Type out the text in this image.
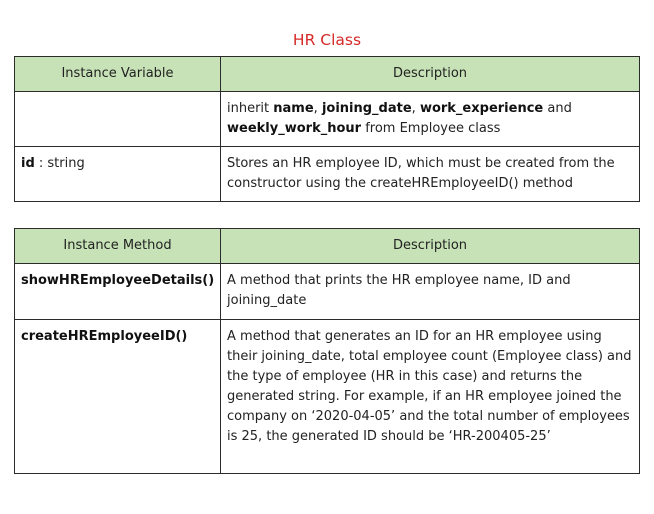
HR Class
Instance Variable	Description
	inherit name, joining_date, work_experience and weekly_work_hour from Employee class
id : string	Stores an HR employee ID, which must be created from the constructor using the createHREmployeeID() method
Instance Method	Description
showHREmployeeDetails()	A method that prints the HR employee name, ID and joining_date
createHREmployeeID()	A method that generates an ID for an HR employee using their joining_date, total employee count (Employee class) and the type of employee (HR in this case) and returns the generated string. For example, if an HR employee joined the company on ‘2020-04-05’ and the total number of employees is 25, the generated ID should be ‘HR-200405-25’
